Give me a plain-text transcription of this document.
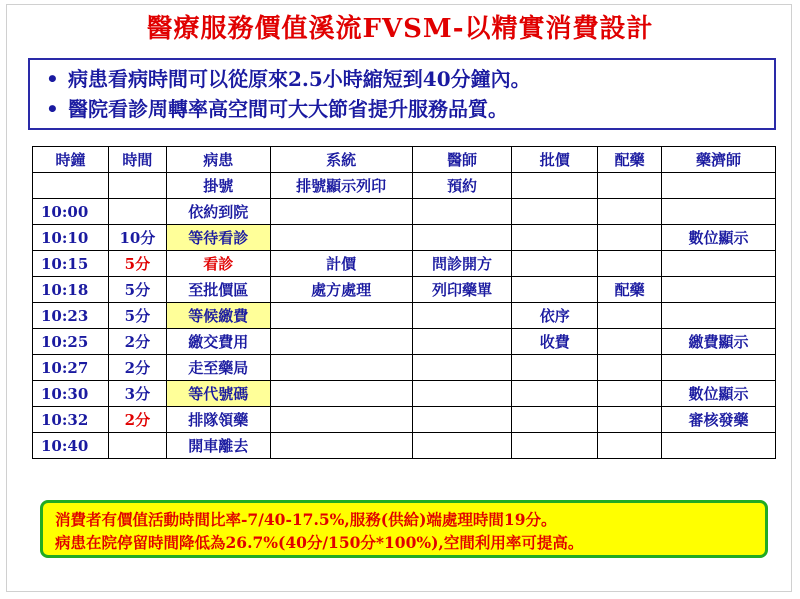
醫療服務價值溪流FVSM-以精實消費設計
• 病患看病時間可以從原來2.5小時縮短到40分鐘內。
• 醫院看診周轉率高空間可大大節省提升服務品質。
時鐘	時間	病患	系統	醫師	批價	配藥	藥濟師
		掛號	排號顯示列印	預約			
10:00		依約到院					
10:10	10分	等待看診					數位顯示
10:15	5分	看診	計價	問診開方			
10:18	5分	至批價區	處方處理	列印藥單		配藥	
10:23	5分	等候繳費			依序		
10:25	2分	繳交費用			收費		繳費顯示
10:27	2分	走至藥局					
10:30	3分	等代號碼					數位顯示
10:32	2分	排隊領藥					審核發藥
10:40		開車離去					
消費者有價值活動時間比率-7/40-17.5%,服務(供給)端處理時間19分。
病患在院停留時間降低為26.7%(40分/150分*100%),空間利用率可提高。
